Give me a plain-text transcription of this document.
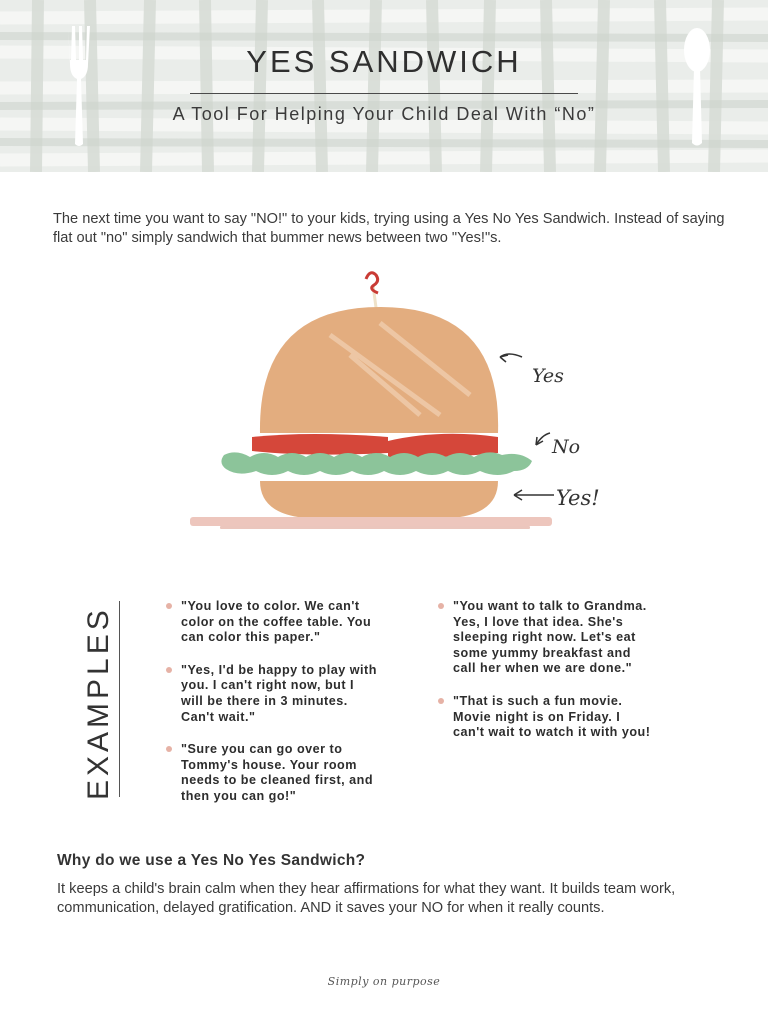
YES SANDWICH
A Tool For Helping Your Child Deal With “No”

The next time you want to say "NO!" to your kids, trying using a Yes No Yes Sandwich. Instead of saying flat out "no" simply sandwich that bummer news between two "Yes!"s.

Yes
No
Yes!
EXAMPLES
"You love to color. We can't color on the coffee table. You can color this paper."
"Yes, I'd be happy to play with you. I can't right now, but I will be there in 3 minutes. Can't wait."
"Sure you can go over to Tommy's house. Your room needs to be cleaned first, and then you can go!"
"You want to talk to Grandma. Yes, I love that idea. She's sleeping right now. Let's eat some yummy breakfast and call her when we are done."
"That is such a fun movie. Movie night is on Friday. I can't wait to watch it with you!
Why do we use a Yes No Yes Sandwich?

It keeps a child's brain calm when they hear affirmations for what they want. It builds team work, communication, delayed gratification. AND it saves your NO for when it really counts.

Simply on purpose
